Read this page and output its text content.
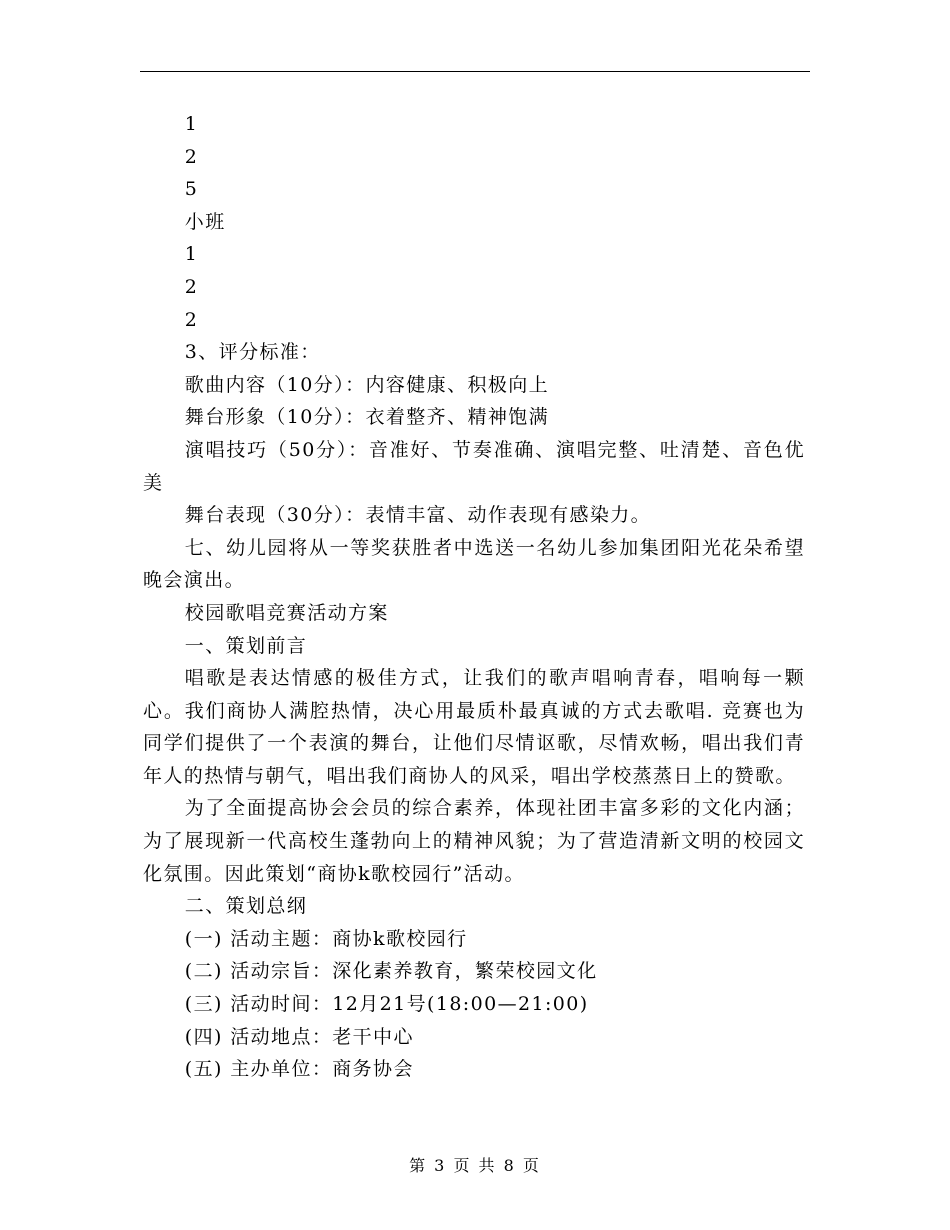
1

2

5

小班

1

2

2

3、评分标准：

歌曲内容（10分）：内容健康、积极向上

舞台形象（10分）：衣着整齐、精神饱满

演唱技巧（50分）：音准好、节奏准确、演唱完整、吐清楚、音色优美

舞台表现（30分）：表情丰富、动作表现有感染力。

七、幼儿园将从一等奖获胜者中选送一名幼儿参加集团阳光花朵希望晚会演出。

校园歌唱竞赛活动方案

一、策划前言

唱歌是表达情感的极佳方式，让我们的歌声唱响青春，唱响每一颗心。我们商协人满腔热情，决心用最质朴最真诚的方式去歌唱. 竞赛也为同学们提供了一个表演的舞台，让他们尽情讴歌，尽情欢畅，唱出我们青年人的热情与朝气，唱出我们商协人的风采，唱出学校蒸蒸日上的赞歌。

为了全面提高协会会员的综合素养，体现社团丰富多彩的文化内涵；为了展现新一代高校生蓬勃向上的精神风貌；为了营造清新文明的校园文化氛围。因此策划“商协k歌校园行”活动。

二、策划总纲

(一) 活动主题：商协k歌校园行

(二) 活动宗旨：深化素养教育，繁荣校园文化

(三) 活动时间：12月21号(18:00—21:00)

(四) 活动地点：老干中心

(五) 主办单位：商务协会

第 3 页 共 8 页
